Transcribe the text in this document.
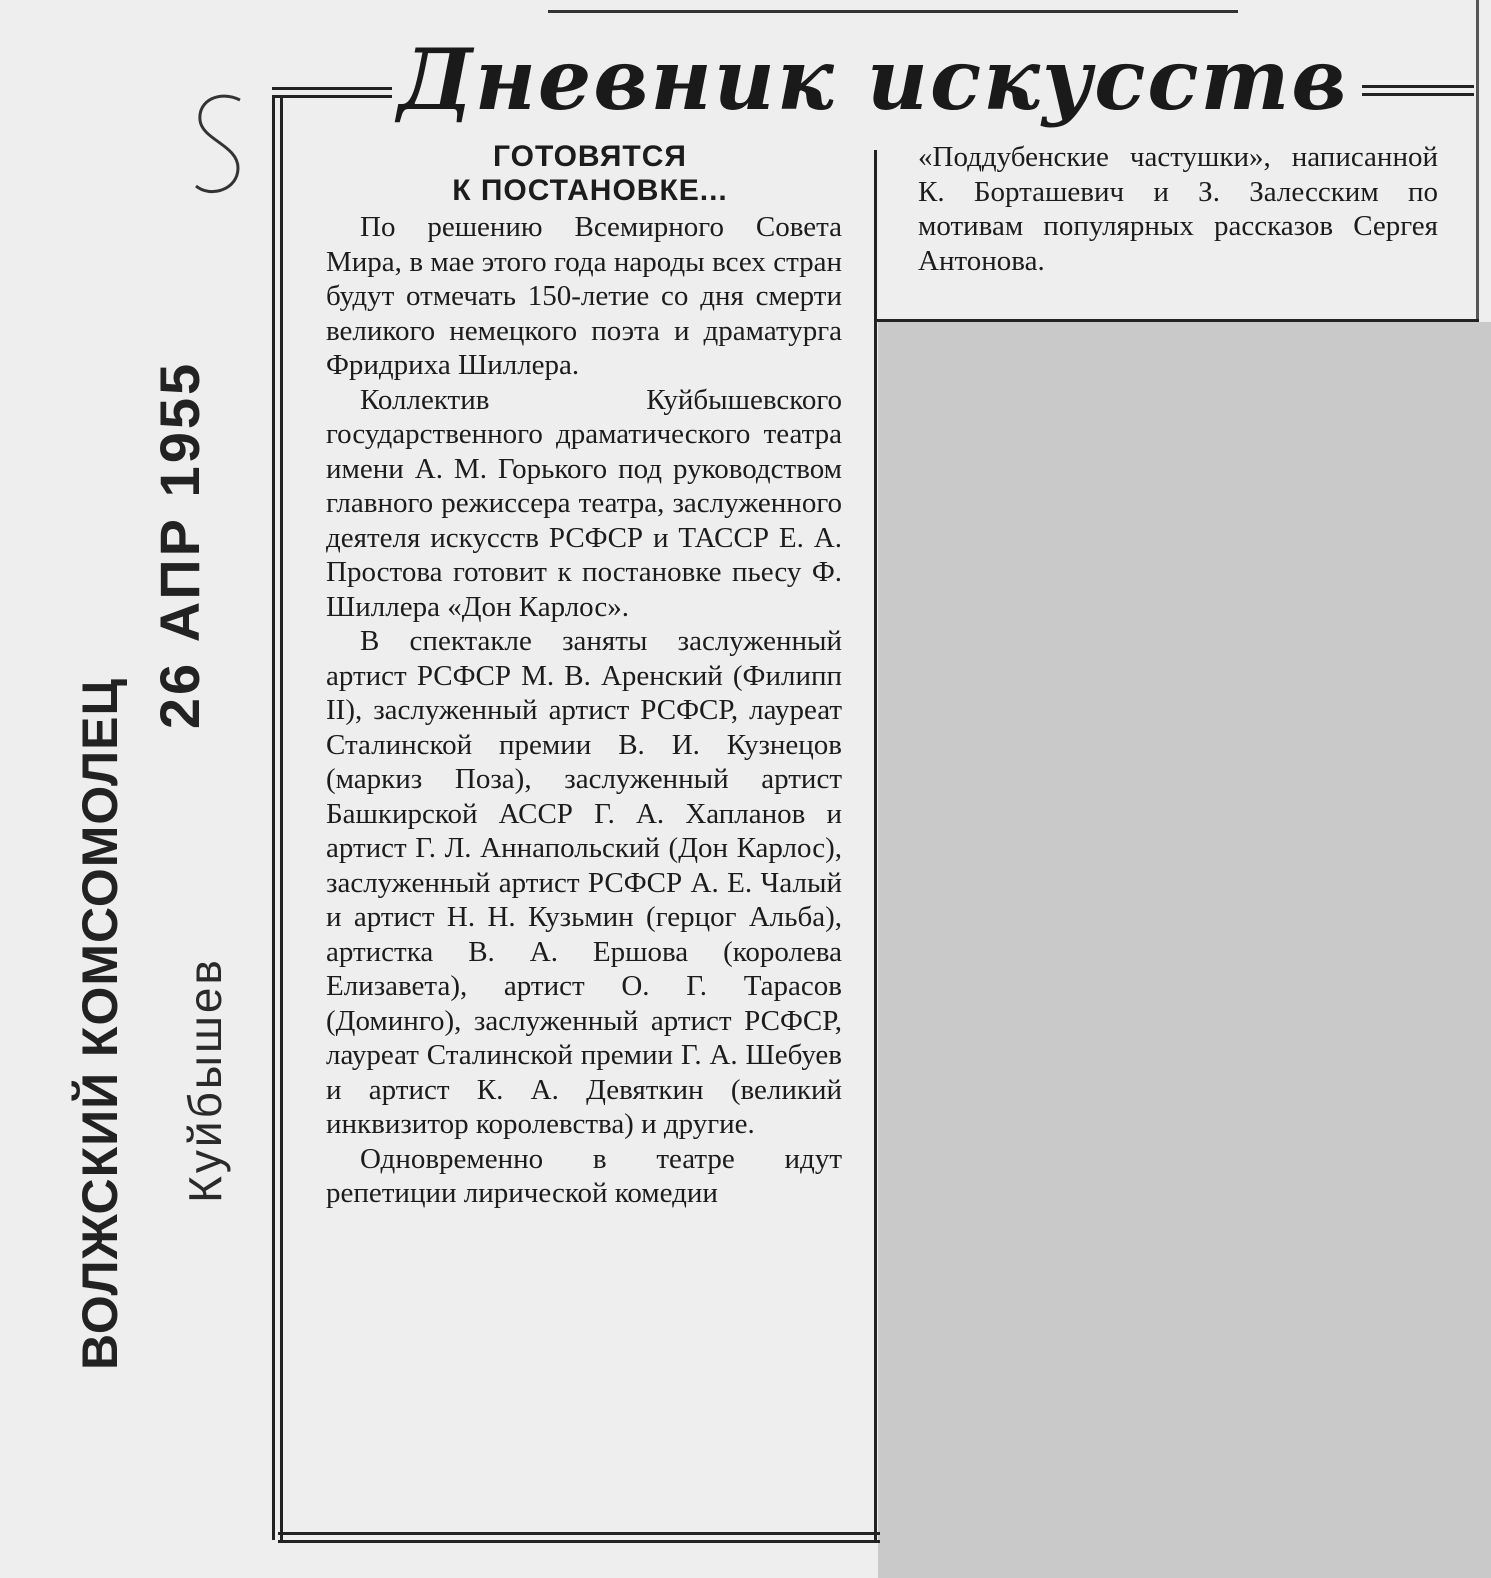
Дневник искусств
ВОЛЖСКИЙ КОМСОМОЛЕЦ Куйбышев
26 АПР 1955
ГОТОВЯТСЯ
К ПОСТАНОВКЕ...

По решению Всемирного Совета Мира, в мае этого года народы всех стран будут отмечать 150-летие со дня смерти великого немецкого поэта и драматурга Фридриха Шиллера.

Коллектив Куйбышевского государственного драматического театра имени А. М. Горького под руководством главного режиссера театра, заслуженного деятеля искусств РСФСР и ТАССР Е. А. Простова готовит к постановке пьесу Ф. Шиллера «Дон Карлос».

В спектакле заняты заслуженный артист РСФСР М. В. Аренский (Филипп II), заслуженный артист РСФСР, лауреат Сталинской премии В. И. Кузнецов (маркиз Поза), заслуженный артист Башкирской АССР Г. А. Хапланов и артист Г. Л. Аннапольский (Дон Карлос), заслуженный артист РСФСР А. Е. Чалый и артист Н. Н. Кузьмин (герцог Альба), артистка В. А. Ершова (королева Елизавета), артист О. Г. Тарасов (Доминго), заслуженный артист РСФСР, лауреат Сталинской премии Г. А. Шебуев и артист К. А. Девяткин (великий инквизитор королевства) и другие.

Одновременно в театре идут репетиции лирической комедии

«Поддубенские частушки», написанной К. Борташевич и З. Залесским по мотивам популярных рассказов Сергея Антонова.
